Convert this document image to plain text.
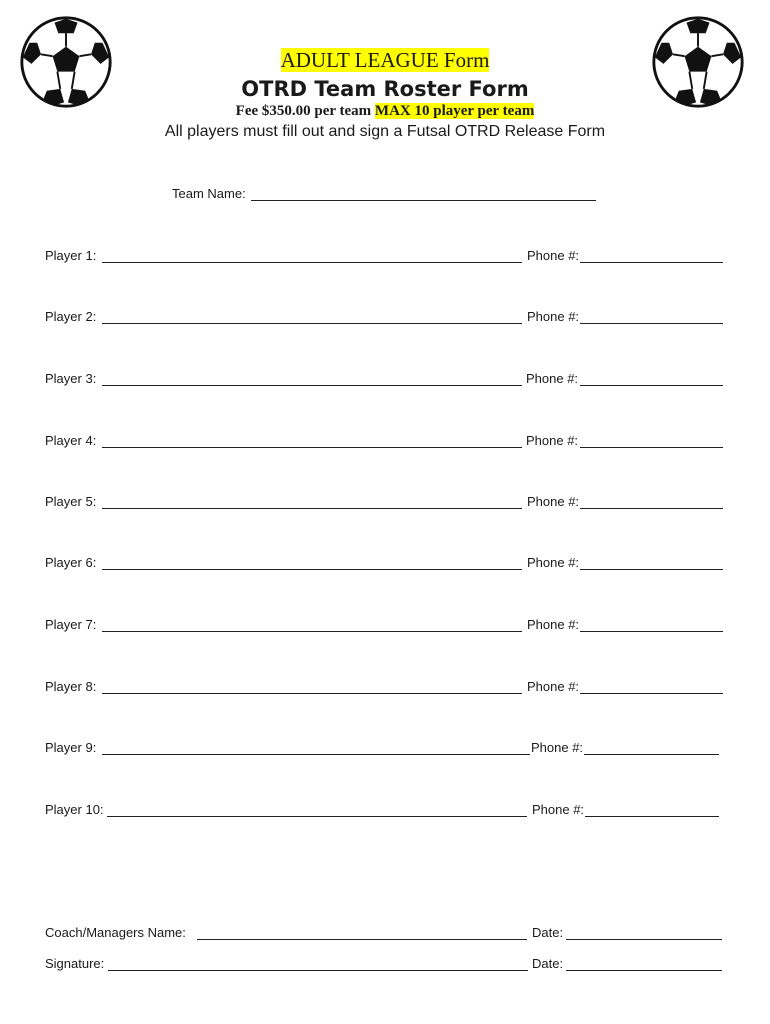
ADULT LEAGUE Form
OTRD Team Roster Form
Fee $350.00 per team MAX 10 player per team
All players must fill out and sign a Futsal OTRD Release Form
Team Name:
Player 1:	Phone #:
Player 2:	Phone #:
Player 3:	Phone #:
Player 4:	Phone #:
Player 5:	Phone #:
Player 6:	Phone #:
Player 7:	Phone #:
Player 8:	Phone #:
Player 9:	Phone #:
Player 10:	Phone #:
Coach/Managers Name:	Date:
Signature:	Date:
